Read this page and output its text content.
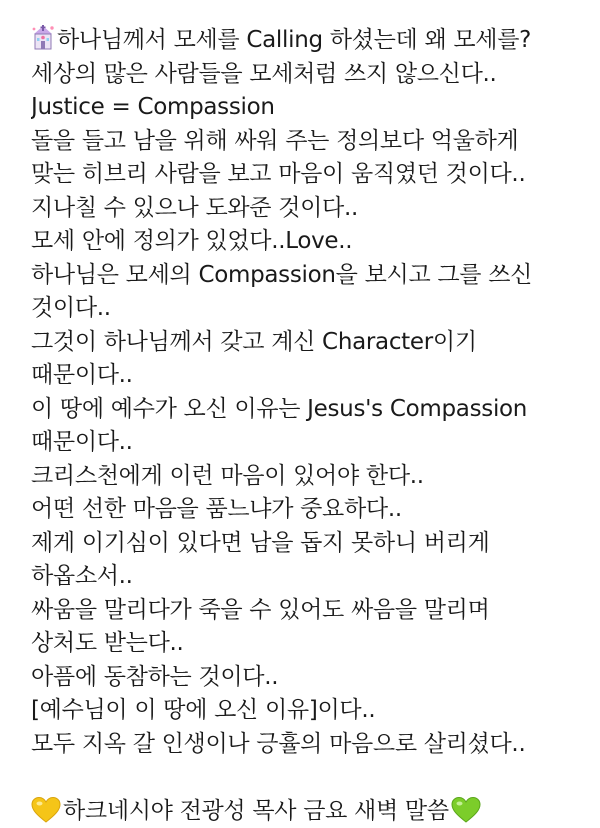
하나님께서 모세를 Calling 하셨는데 왜 모세를?
세상의 많은 사람들을 모세처럼 쓰지 않으신다..
Justice = Compassion
돌을 들고 남을 위해 싸워 주는 정의보다 억울하게
맞는 히브리 사람을 보고 마음이 움직였던 것이다..
지나칠 수 있으나 도와준 것이다..
모세 안에 정의가 있었다..Love..
하나님은 모세의 Compassion을 보시고 그를 쓰신
것이다..
그것이 하나님께서 갖고 계신 Character이기
때문이다..
이 땅에 예수가 오신 이유는 Jesus's Compassion
때문이다..
크리스천에게 이런 마음이 있어야 한다..
어떤 선한 마음을 품느냐가 중요하다..
제게 이기심이 있다면 남을 돕지 못하니 버리게
하옵소서..
싸움을 말리다가 죽을 수 있어도 싸음을 말리며
상처도 받는다..
아픔에 동참하는 것이다..
[예수님이 이 땅에 오신 이유]이다..
모두 지옥 갈 인생이나 긍휼의 마음으로 살리셨다..
하크네시야 전광성 목사 금요 새벽 말씀
